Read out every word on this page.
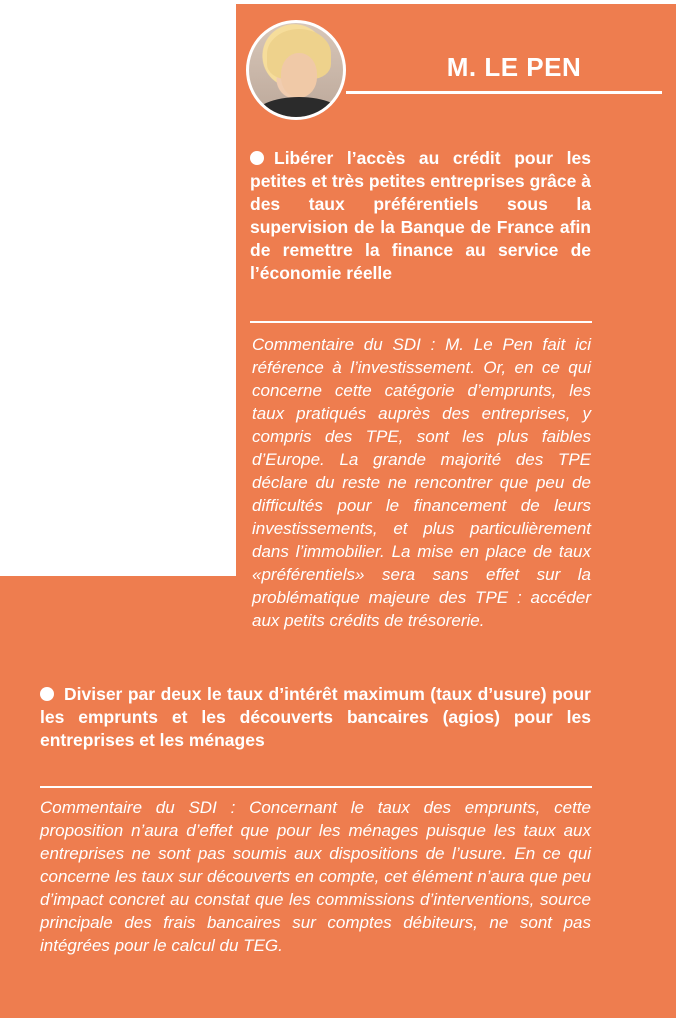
M. LE PEN

Libérer l’accès au crédit pour les petites et très petites entreprises grâce à des taux préférentiels sous la supervision de la Banque de France afin de remettre la finance au service de l’économie réelle

Commentaire du SDI : M. Le Pen fait ici référence à l’investissement. Or, en ce qui concerne cette catégorie d’emprunts, les taux pratiqués auprès des entreprises, y compris des TPE, sont les plus faibles d’Europe. La grande majorité des TPE déclare du reste ne rencontrer que peu de difficultés pour le financement de leurs investissements, et plus particulièrement dans l’immobilier. La mise en place de taux «préférentiels» sera sans effet sur la problématique majeure des TPE : accéder aux petits crédits de trésorerie.

Diviser par deux le taux d’intérêt maximum (taux d’usure) pour les emprunts et les découverts bancaires (agios) pour les entreprises et les ménages

Commentaire du SDI : Concernant le taux des emprunts, cette proposition n’aura d’effet que pour les ménages puisque les taux aux entreprises ne sont pas soumis aux dispositions de l’usure. En ce qui concerne les taux sur découverts en compte, cet élément n’aura que peu d’impact concret au constat que les commissions d’interventions, source principale des frais bancaires sur comptes débiteurs, ne sont pas intégrées pour le calcul du TEG.
